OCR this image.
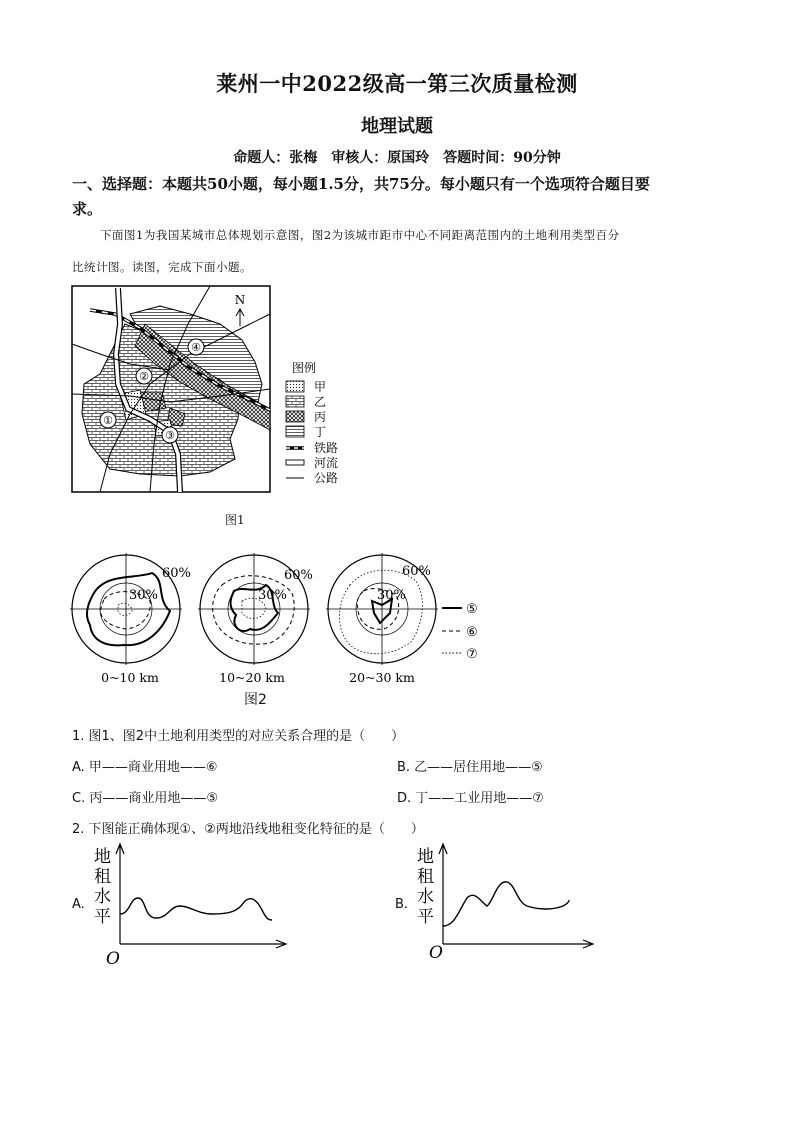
莱州一中2022级高一第三次质量检测
地理试题
命题人：张梅　审核人：原国玲　答题时间：90分钟
一、选择题：本题共50小题，每小题1.5分，共75分。每小题只有一个选项符合题目要
求。
下面图1为我国某城市总体规划示意图，图2为该城市距市中心不同距离范围内的土地利用类型百分
比统计图。读图，完成下面小题。
①
②
③
④
N
图例
甲
乙
丙
丁
铁路
河流
公路
图1
60%
30%
60%
30%
60%
30%
⑤
⑥
⑦
0~10 km	10~20 km	20~30 km
图2
1. 图1、图2中土地利用类型的对应关系合理的是（　　）
A. 甲——商业用地——⑥	B. 乙——居住用地——⑤
C. 丙——商业用地——⑤	D. 丁——工业用地——⑦
2. 下图能正确体现①、②两地沿线地租变化特征的是（　　）
A.	B.
地
租
水
平
O
地
租
水
平
O
